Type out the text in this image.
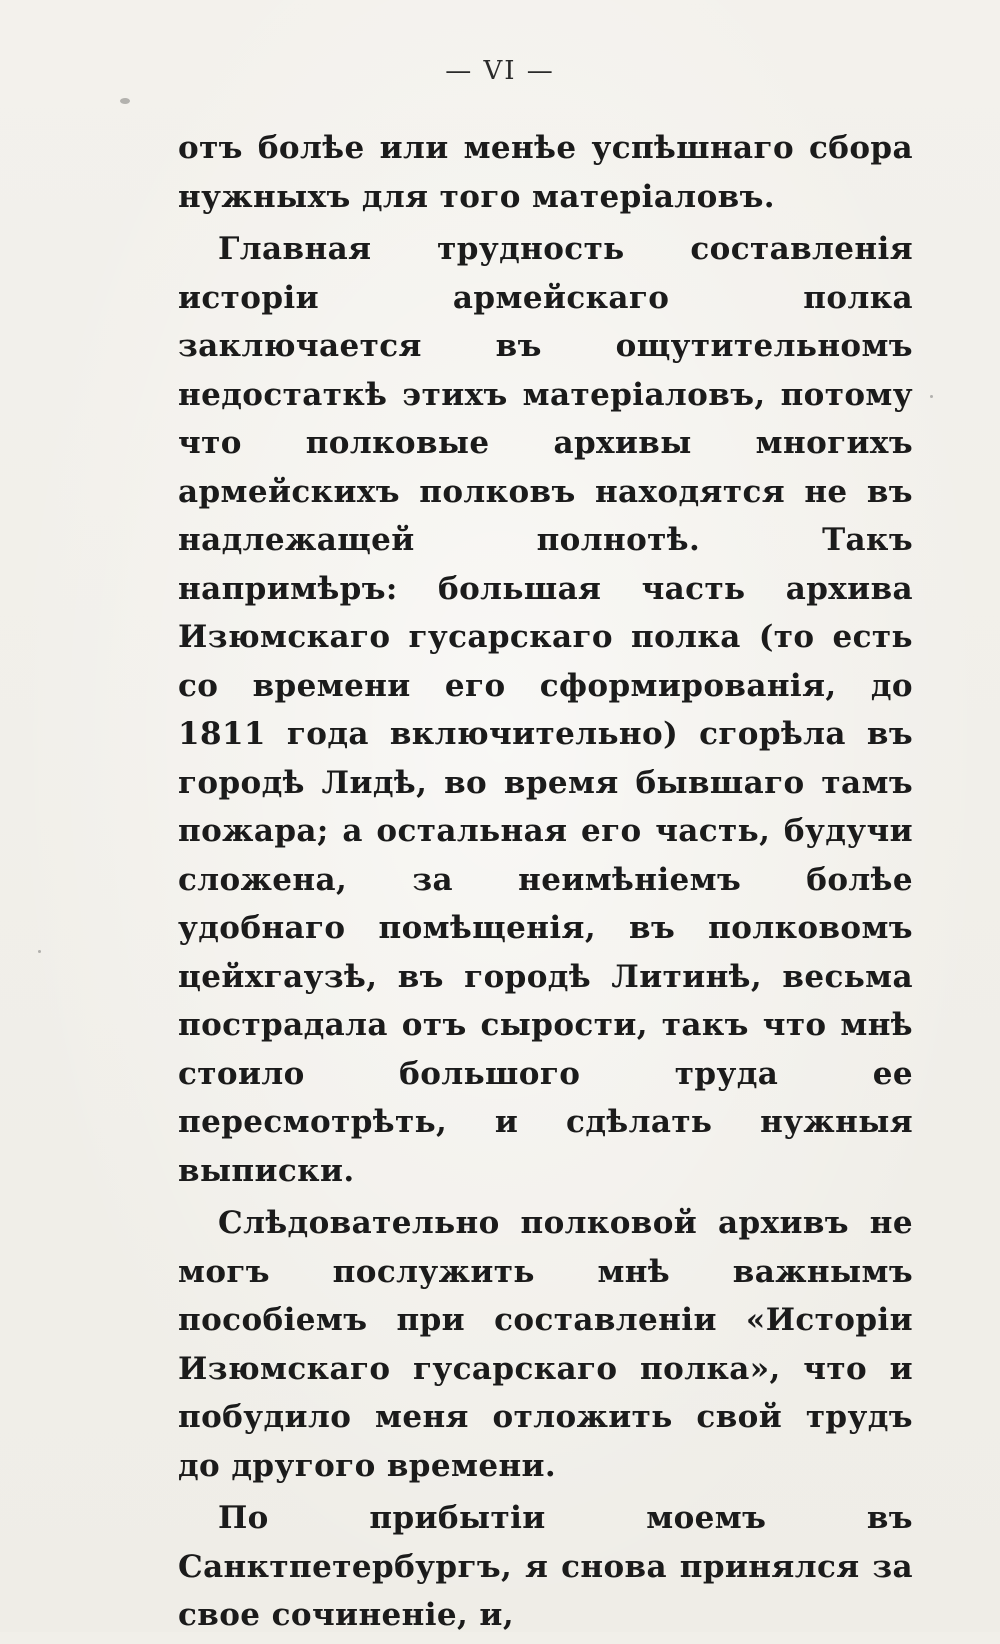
— VI —

отъ болѣе или менѣе успѣшнаго сбора нужныхъ для того матеріаловъ.

Главная трудность составленія исторіи армейскаго полка заключается въ ощутительномъ недостаткѣ этихъ матеріаловъ, потому что полковые архивы многихъ армейскихъ полковъ находятся не въ надлежащей полнотѣ. Такъ напримѣръ: большая часть архива Изюмскаго гусарскаго полка (то есть со времени его сформированія, до 1811 года включительно) сгорѣла въ городѣ Лидѣ, во время бывшаго тамъ пожара; а остальная его часть, будучи сложена, за неимѣніемъ болѣе удобнаго помѣщенія, въ полковомъ цейхгаузѣ, въ городѣ Литинѣ, весьма пострадала отъ сырости, такъ что мнѣ стоило большого труда ее пересмотрѣть, и сдѣлать нужныя выписки.

Слѣдовательно полковой архивъ не могъ послужить мнѣ важнымъ пособіемъ при составленіи «Исторіи Изюмскаго гусарскаго полка», что и побудило меня отложить свой трудъ до другого времени.

По прибытіи моемъ въ Санктпетербургъ, я снова принялся за свое сочиненіе, и,
